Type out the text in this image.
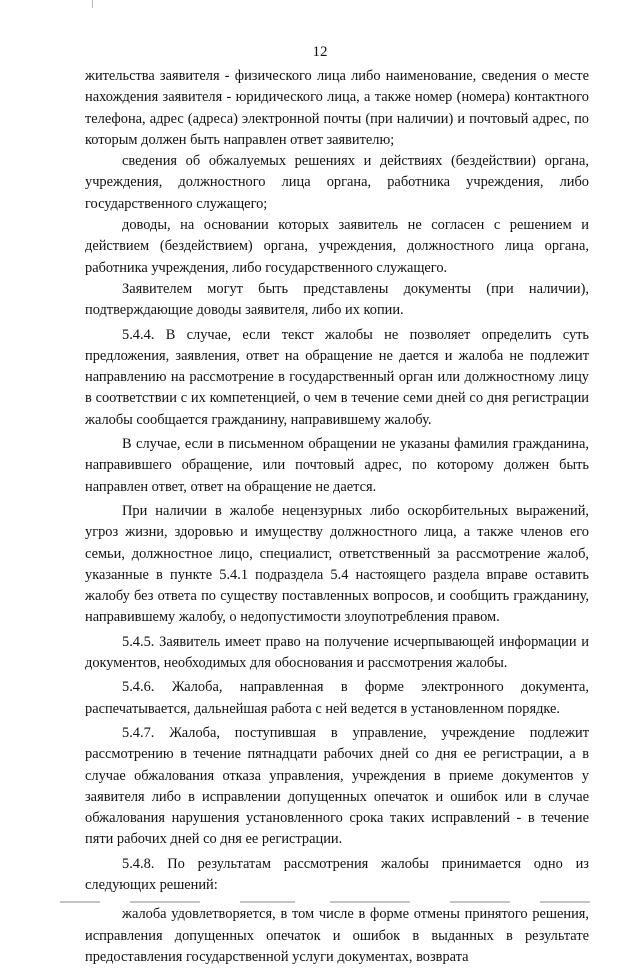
12

жительства заявителя - физического лица либо наименование, сведения о месте нахождения заявителя - юридического лица, а также номер (номера) контактного телефона, адрес (адреса) электронной почты (при наличии) и почтовый адрес, по которым должен быть направлен ответ заявителю;

сведения об обжалуемых решениях и действиях (бездействии) органа, учреждения, должностного лица органа, работника учреждения, либо государственного служащего;

доводы, на основании которых заявитель не согласен с решением и действием (бездействием) органа, учреждения, должностного лица органа, работника учреждения, либо государственного служащего.

Заявителем могут быть представлены документы (при наличии), подтверждающие доводы заявителя, либо их копии.

5.4.4. В случае, если текст жалобы не позволяет определить суть предложения, заявления, ответ на обращение не дается и жалоба не подлежит направлению на рассмотрение в государственный орган или должностному лицу в соответствии с их компетенцией, о чем в течение семи дней со дня регистрации жалобы сообщается гражданину, направившему жалобу.

В случае, если в письменном обращении не указаны фамилия гражданина, направившего обращение, или почтовый адрес, по которому должен быть направлен ответ, ответ на обращение не дается.

При наличии в жалобе нецензурных либо оскорбительных выражений, угроз жизни, здоровью и имуществу должностного лица, а также членов его семьи, должностное лицо, специалист, ответственный за рассмотрение жалоб, указанные в пункте 5.4.1 подраздела 5.4 настоящего раздела вправе оставить жалобу без ответа по существу поставленных вопросов, и сообщить гражданину, направившему жалобу, о недопустимости злоупотребления правом.

5.4.5. Заявитель имеет право на получение исчерпывающей информации и документов, необходимых для обоснования и рассмотрения жалобы.

5.4.6. Жалоба, направленная в форме электронного документа, распечатывается, дальнейшая работа с ней ведется в установленном порядке.

5.4.7. Жалоба, поступившая в управление, учреждение подлежит рассмотрению в течение пятнадцати рабочих дней со дня ее регистрации, а в случае обжалования отказа управления, учреждения в приеме документов у заявителя либо в исправлении допущенных опечаток и ошибок или в случае обжалования нарушения установленного срока таких исправлений - в течение пяти рабочих дней со дня ее регистрации.

5.4.8. По результатам рассмотрения жалобы принимается одно из следующих решений:

жалоба удовлетворяется, в том числе в форме отмены принятого решения, исправления допущенных опечаток и ошибок в выданных в результате предоставления государственной услуги документах, возврата
